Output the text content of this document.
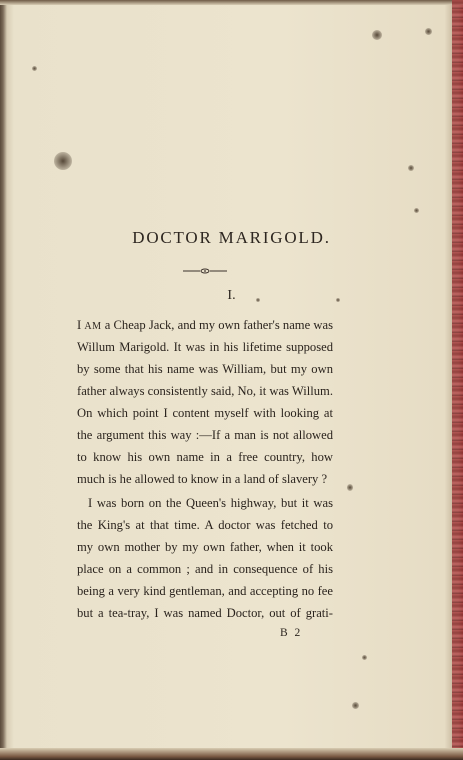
DOCTOR MARIGOLD.
I.
I AM a Cheap Jack, and my own father's name was
Willum Marigold. It was in his lifetime supposed
by some that his name was William, but my own
father always consistently said, No, it was Willum.
On which point I content myself with looking at
the argument this way :—If a man is not allowed
to know his own name in a free country, how
much is he allowed to know in a land of slavery ?
I was born on the Queen's highway, but it was
the King's at that time. A doctor was fetched to
my own mother by my own father, when it took
place on a common ; and in consequence of his
being a very kind gentleman, and accepting no fee
but a tea-tray, I was named Doctor, out of grati-
B 2
